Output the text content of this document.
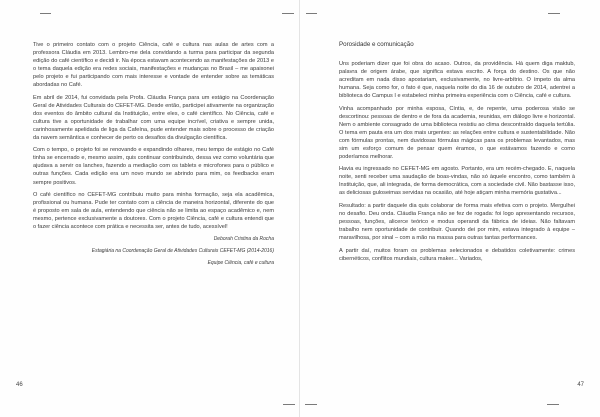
Tive o primeiro contato com o projeto Ciência, café e cultura nas aulas de artes com a professora Cláudia em 2013. Lembro-me dela convidando a turma para participar da segunda edição do café científico e decidi ir. Na época estavam acontecendo as manifestações de 2013 e o tema daquela edição era redes sociais, manifestações e mudanças no Brasil – me apaixonei pelo projeto e fui participando com mais interesse e vontade de entender sobre as temáticas abordadas no Café.

Em abril de 2014, fui convidada pela Profa. Cláudia França para um estágio na Coordenação Geral de Atividades Culturais do CEFET-MG. Desde então, participei ativamente na organização dos eventos do âmbito cultural da Instituição, entre eles, o café científico. No Ciência, café e cultura tive a oportunidade de trabalhar com uma equipe incrível, criativa e sempre unida, carinhosamente apelidada de liga da Cafeína, pude entender mais sobre o processo de criação da navem semântica e conhecer de perto os desafios da divulgação científica.

Com o tempo, o projeto foi se renovando e expandindo olhares, meu tempo de estágio no Café tinha se encerrado e, mesmo assim, quis continuar contribuindo, dessa vez como voluntária que ajudava a servir os lanches, fazendo a mediação com os tablets e microfones para o público e outras funções. Cada edição era um novo mundo se abrindo para mim, os feedbacks eram sempre positivos.

O café científico no CEFET-MG contribuiu muito para minha formação, seja ela acadêmica, profissional ou humana. Pude ter contato com a ciência de maneira horizontal, diferente do que é proposto em sala de aula, entendendo que ciência não se limita ao espaço acadêmico e, nem mesmo, pertence exclusivamente a doutores. Com o projeto Ciência, café e cultura entendi que o fazer ciência acontece com prática e necessita ser, antes de tudo, acessível!

Deborah Cristina da Rocha

Estagiária na Coordenação Geral de Atividades Culturais CEFET-MG (2014-2016)

Equipe Ciência, café e cultura

46
Porosidade e comunicação

Uns poderiam dizer que foi obra do acaso. Outros, da providência. Há quem diga maktub, palavra de origem árabe, que significa estava escrito. A força do destino. Os que não acreditam em nada disso apostariam, exclusivamente, no livre-arbítrio. O ímpeto da alma humana. Seja como for, o fato é que, naquela noite do dia 16 de outubro de 2014, adentrei a biblioteca do Campus I e estabeleci minha primeira experiência com o Ciência, café e cultura.

Vinha acompanhado por minha esposa, Cíntia, e, de repente, uma poderosa visão se descortinou: pessoas de dentro e de fora da academia, reunidas, em diálogo livre e horizontal. Nem o ambiente consagrado de uma biblioteca resistiu ao clima descontraído daquela tertúlia. O tema em pauta era um dos mais urgentes: as relações entre cultura e sustentabilidade. Não com fórmulas prontas, nem duvidosas fórmulas mágicas para os problemas levantados, mas sim um esforço comum de pensar quem éramos, o que estávamos fazendo e como poderíamos melhorar.

Havia eu ingressado no CEFET-MG em agosto. Portanto, era um recém-chegado. E, naquela noite, senti receber uma saudação de boas-vindas, não só àquele encontro, como também à Instituição, que, ali integrada, de forma democrática, com a sociedade civil. Não bastasse isso, as deliciosas guloseimas servidas na ocasião, até hoje atiçam minha memória gustativa...

Resultado: a partir daquele dia quis colaborar de forma mais efetiva com o projeto. Mergulhei no desafio. Deu onda. Cláudia França não se fez de rogada: foi logo apresentando recursos, pessoas, funções, alicerce teórico e modus operandi da fábrica de ideias. Não faltavam trabalho nem oportunidade de contribuir. Quando dei por mim, estava integrado à equipe – maravilhosa, por sinal – com a mão na massa para outras tantas performances.

A partir daí, muitos foram os problemas selecionados e debatidos coletivamente: crimes cibernéticos, conflitos mundiais, cultura maker... Variados,

47
